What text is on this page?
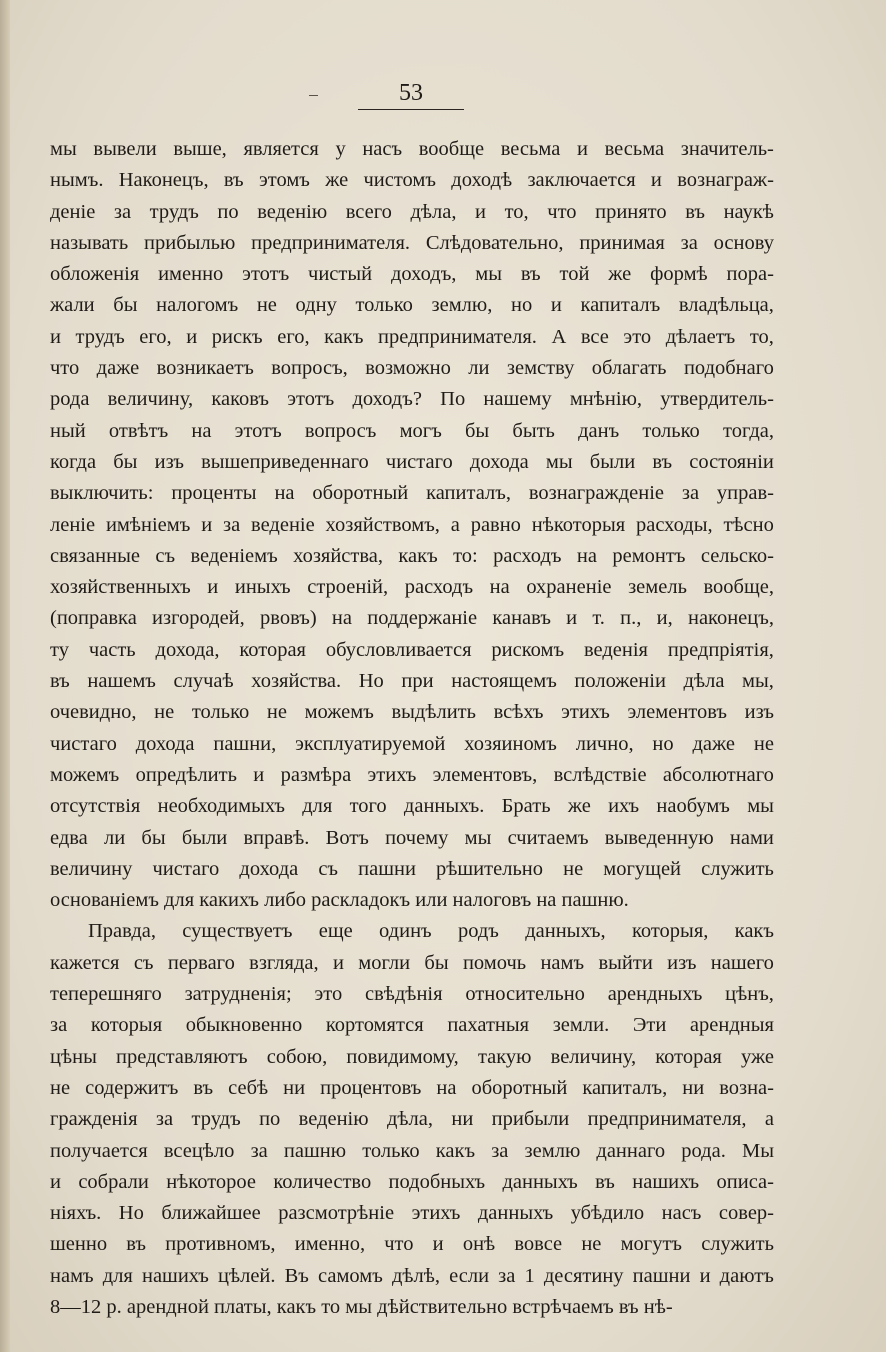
53
мы вывели выше, является у насъ вообще весьма и весьма значитель-
нымъ. Наконецъ, въ этомъ же чистомъ доходѣ заключается и вознаграж-
деніе за трудъ по веденію всего дѣла, и то, что принято въ наукѣ
называть прибылью предпринимателя. Слѣдовательно, принимая за основу
обложенія именно этотъ чистый доходъ, мы въ той же формѣ пора-
жали бы налогомъ не одну только землю, но и капиталъ владѣльца,
и трудъ его, и рискъ его, какъ предпринимателя. А все это дѣлаетъ то,
что даже возникаетъ вопросъ, возможно ли земству облагать подобнаго
рода величину, каковъ этотъ доходъ? По нашему мнѣнію, утвердитель-
ный отвѣтъ на этотъ вопросъ могъ бы быть данъ только тогда,
когда бы изъ вышеприведеннаго чистаго дохода мы были въ состояніи
выключить: проценты на оборотный капиталъ, вознагражденіе за управ-
леніе имѣніемъ и за веденіе хозяйствомъ, а равно нѣкоторыя расходы, тѣсно
связанные съ веденіемъ хозяйства, какъ то: расходъ на ремонтъ сельско-
хозяйственныхъ и иныхъ строеній, расходъ на охраненіе земель вообще,
(поправка изгородей, рвовъ) на поддержаніе канавъ и т. п., и, наконецъ,
ту часть дохода, которая обусловливается рискомъ веденія предпріятія,
въ нашемъ случаѣ хозяйства. Но при настоящемъ положеніи дѣла мы,
очевидно, не только не можемъ выдѣлить всѣхъ этихъ элементовъ изъ
чистаго дохода пашни, эксплуатируемой хозяиномъ лично, но даже не
можемъ опредѣлить и размѣра этихъ элементовъ, вслѣдствіе абсолютнаго
отсутствія необходимыхъ для того данныхъ. Брать же ихъ наобумъ мы
едва ли бы были вправѣ. Вотъ почему мы считаемъ выведенную нами
величину чистаго дохода съ пашни рѣшительно не могущей служить
основаніемъ для какихъ либо раскладокъ или налоговъ на пашню.
Правда, существуетъ еще одинъ родъ данныхъ, которыя, какъ
кажется съ перваго взгляда, и могли бы помочь намъ выйти изъ нашего
теперешняго затрудненія; это свѣдѣнія относительно арендныхъ цѣнъ,
за которыя обыкновенно кортомятся пахатныя земли. Эти арендныя
цѣны представляютъ собою, повидимому, такую величину, которая уже
не содержитъ въ себѣ ни процентовъ на оборотный капиталъ, ни возна-
гражденія за трудъ по веденію дѣла, ни прибыли предпринимателя, а
получается всецѣло за пашню только какъ за землю даннаго рода. Мы
и собрали нѣкоторое количество подобныхъ данныхъ въ нашихъ описа-
ніяхъ. Но ближайшее разсмотрѣніе этихъ данныхъ убѣдило насъ совер-
шенно въ противномъ, именно, что и онѣ вовсе не могутъ служить
намъ для нашихъ цѣлей. Въ самомъ дѣлѣ, если за 1 десятину пашни и даютъ
8—12 р. арендной платы, какъ то мы дѣйствительно встрѣчаемъ въ нѣ-
